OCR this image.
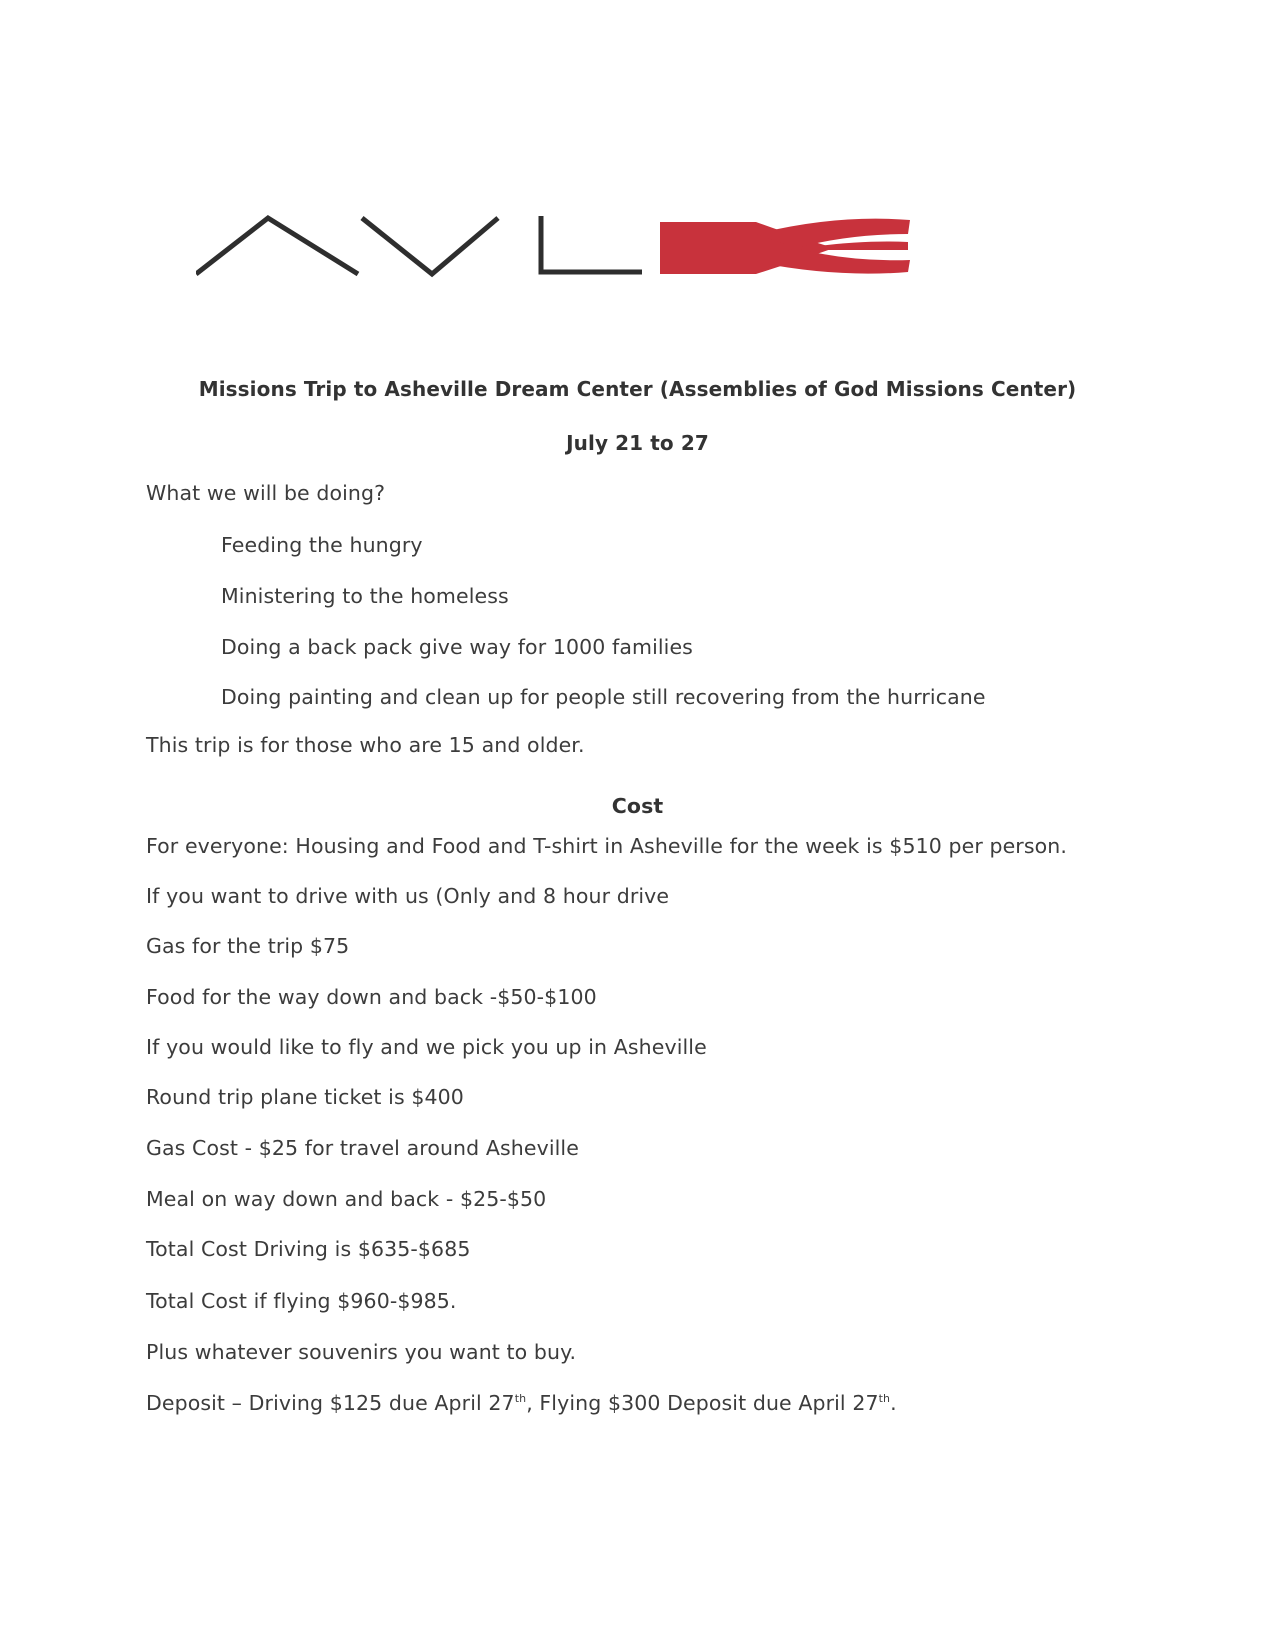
Missions Trip to Asheville Dream Center (Assemblies of God Missions Center)
July 21 to 27
What we will be doing?
Feeding the hungry
Ministering to the homeless
Doing a back pack give way for 1000 families
Doing painting and clean up for people still recovering from the hurricane
This trip is for those who are 15 and older.
Cost
For everyone: Housing and Food and T-shirt in Asheville for the week is $510 per person.
If you want to drive with us (Only and 8 hour drive
Gas for the trip $75
Food for the way down and back -$50-$100
If you would like to fly and we pick you up in Asheville
Round trip plane ticket is $400
Gas Cost - $25 for travel around Asheville
Meal on way down and back - $25-$50
Total Cost Driving is $635-$685
Total Cost if flying $960-$985.
Plus whatever souvenirs you want to buy.
Deposit – Driving $125 due April 27th, Flying $300 Deposit due April 27th.
